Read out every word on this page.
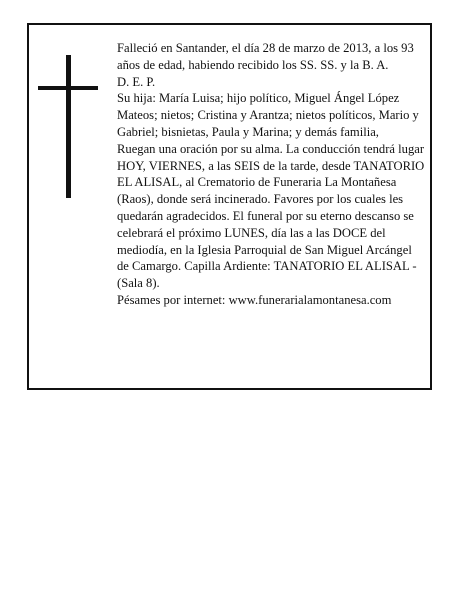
Falleció en Santander, el día 28 de marzo de 2013, a los 93 años de edad, habiendo recibido los SS. SS. y la B. A.

D. E. P.

Su hija: María Luisa; hijo político, Miguel Ángel López Mateos; nietos; Cristina y Arantza; nietos políticos, Mario y Gabriel; bisnietas, Paula y Marina; y demás familia,

Ruegan una oración por su alma. La conducción tendrá lugar HOY, VIERNES, a las SEIS de la tarde, desde TANATORIO EL ALISAL, al Crematorio de Funeraria La Montañesa (Raos), donde será incinerado. Favores por los cuales les quedarán agradecidos. El funeral por su eterno descanso se celebrará el próximo LUNES, día las a las DOCE del mediodía, en la Iglesia Parroquial de San Miguel Arcángel de Camargo. Capilla Ardiente: TANATORIO EL ALISAL - (Sala 8).

Pésames por internet: www.funerarialamontanesa.com
